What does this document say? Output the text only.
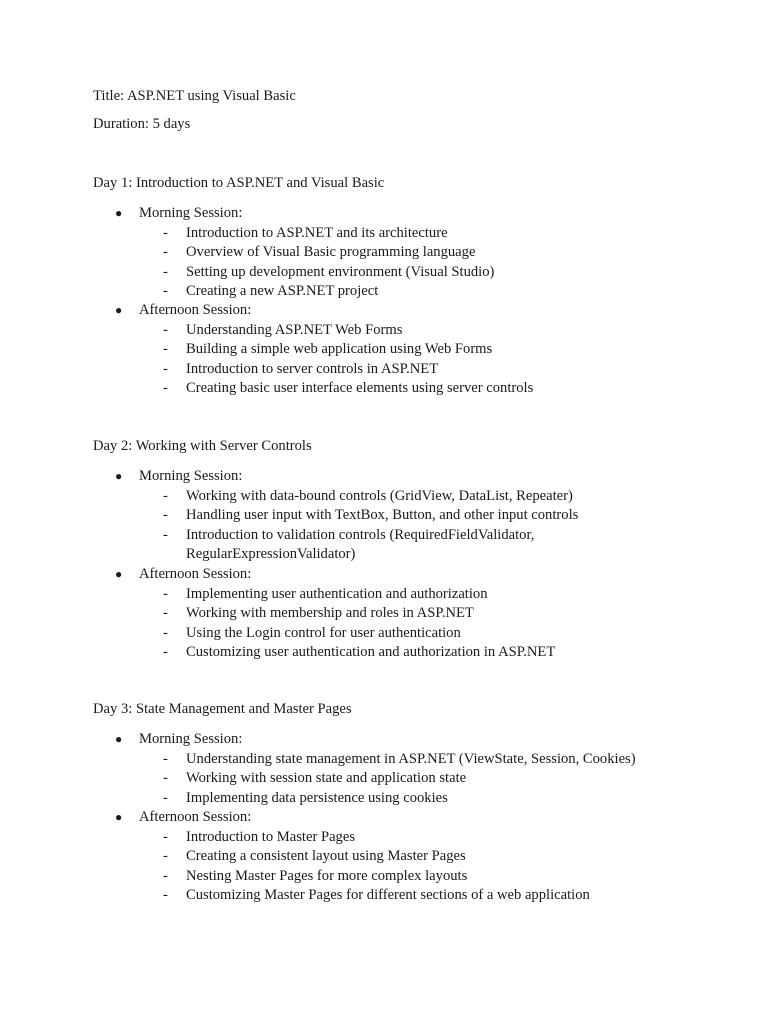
Title: ASP.NET using Visual Basic
Duration: 5 days
Day 1: Introduction to ASP.NET and Visual Basic
● Morning Session:
- Introduction to ASP.NET and its architecture
- Overview of Visual Basic programming language
- Setting up development environment (Visual Studio)
- Creating a new ASP.NET project
● Afternoon Session:
- Understanding ASP.NET Web Forms
- Building a simple web application using Web Forms
- Introduction to server controls in ASP.NET
- Creating basic user interface elements using server controls
Day 2: Working with Server Controls
● Morning Session:
- Working with data-bound controls (GridView, DataList, Repeater)
- Handling user input with TextBox, Button, and other input controls
- Introduction to validation controls (RequiredFieldValidator, RegularExpressionValidator)
● Afternoon Session:
- Implementing user authentication and authorization
- Working with membership and roles in ASP.NET
- Using the Login control for user authentication
- Customizing user authentication and authorization in ASP.NET
Day 3: State Management and Master Pages
● Morning Session:
- Understanding state management in ASP.NET (ViewState, Session, Cookies)
- Working with session state and application state
- Implementing data persistence using cookies
● Afternoon Session:
- Introduction to Master Pages
- Creating a consistent layout using Master Pages
- Nesting Master Pages for more complex layouts
- Customizing Master Pages for different sections of a web application
